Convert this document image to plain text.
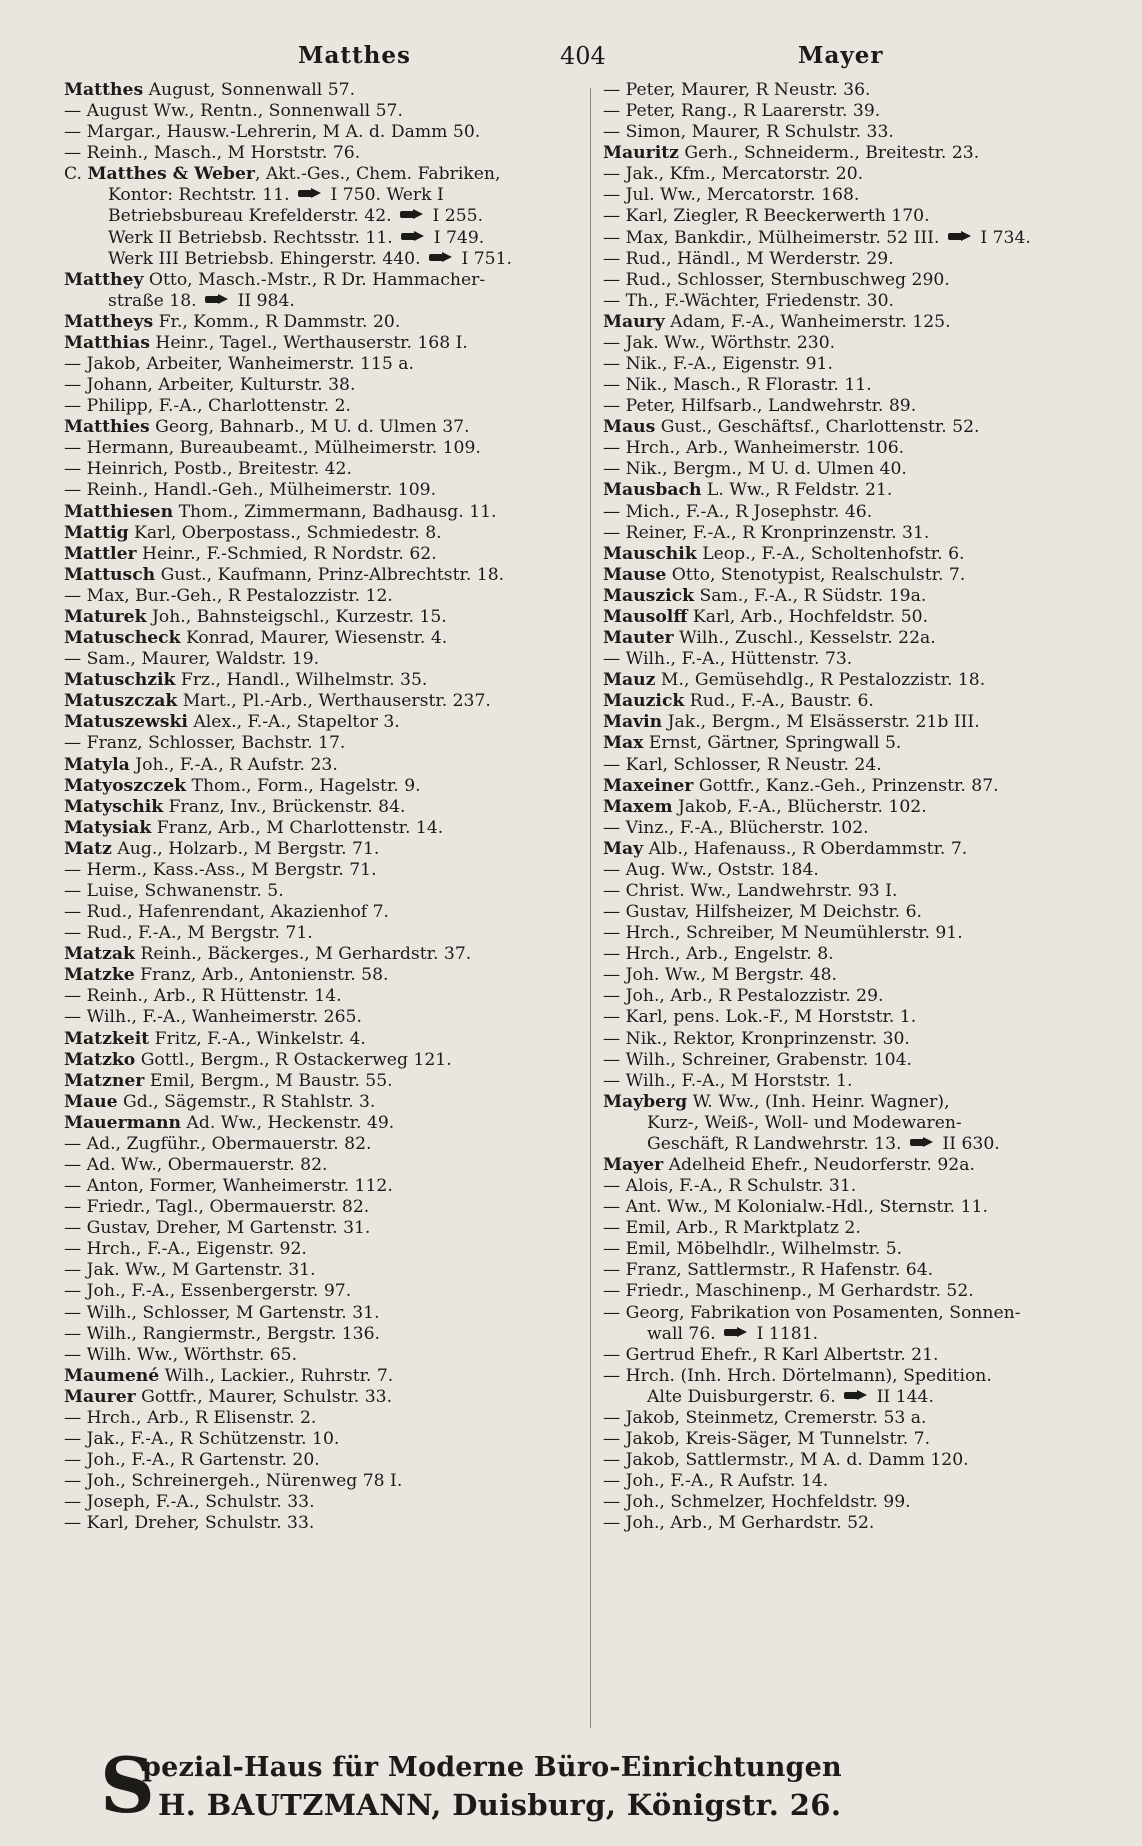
Matthes	404	Mayer
Matthes August, Sonnenwall 57.
— August Ww., Rentn., Sonnenwall 57.
— Margar., Hausw.-Lehrerin, M A. d. Damm 50.
— Reinh., Masch., M Horststr. 76.
C. Matthes & Weber, Akt.-Ges., Chem. Fabriken,
Kontor: Rechtstr. 11.  I 750. Werk I
Betriebsbureau Krefelderstr. 42.  I 255.
Werk II Betriebsb. Rechtsstr. 11.  I 749.
Werk III Betriebsb. Ehingerstr. 440.  I 751.
Matthey Otto, Masch.-Mstr., R Dr. Hammacher-
straße 18.  II 984.
Mattheys Fr., Komm., R Dammstr. 20.
Matthias Heinr., Tagel., Werthauserstr. 168 I.
— Jakob, Arbeiter, Wanheimerstr. 115 a.
— Johann, Arbeiter, Kulturstr. 38.
— Philipp, F.-A., Charlottenstr. 2.
Matthies Georg, Bahnarb., M U. d. Ulmen 37.
— Hermann, Bureaubeamt., Mülheimerstr. 109.
— Heinrich, Postb., Breitestr. 42.
— Reinh., Handl.-Geh., Mülheimerstr. 109.
Matthiesen Thom., Zimmermann, Badhausg. 11.
Mattig Karl, Oberpostass., Schmiedestr. 8.
Mattler Heinr., F.-Schmied, R Nordstr. 62.
Mattusch Gust., Kaufmann, Prinz-Albrechtstr. 18.
— Max, Bur.-Geh., R Pestalozzistr. 12.
Maturek Joh., Bahnsteigschl., Kurzestr. 15.
Matuscheck Konrad, Maurer, Wiesenstr. 4.
— Sam., Maurer, Waldstr. 19.
Matuschzik Frz., Handl., Wilhelmstr. 35.
Matuszczak Mart., Pl.-Arb., Werthauserstr. 237.
Matuszewski Alex., F.-A., Stapeltor 3.
— Franz, Schlosser, Bachstr. 17.
Matyla Joh., F.-A., R Aufstr. 23.
Matyoszczek Thom., Form., Hagelstr. 9.
Matyschik Franz, Inv., Brückenstr. 84.
Matysiak Franz, Arb., M Charlottenstr. 14.
Matz Aug., Holzarb., M Bergstr. 71.
— Herm., Kass.-Ass., M Bergstr. 71.
— Luise, Schwanenstr. 5.
— Rud., Hafenrendant, Akazienhof 7.
— Rud., F.-A., M Bergstr. 71.
Matzak Reinh., Bäckerges., M Gerhardstr. 37.
Matzke Franz, Arb., Antonienstr. 58.
— Reinh., Arb., R Hüttenstr. 14.
— Wilh., F.-A., Wanheimerstr. 265.
Matzkeit Fritz, F.-A., Winkelstr. 4.
Matzko Gottl., Bergm., R Ostackerweg 121.
Matzner Emil, Bergm., M Baustr. 55.
Maue Gd., Sägemstr., R Stahlstr. 3.
Mauermann Ad. Ww., Heckenstr. 49.
— Ad., Zugführ., Obermauerstr. 82.
— Ad. Ww., Obermauerstr. 82.
— Anton, Former, Wanheimerstr. 112.
— Friedr., Tagl., Obermauerstr. 82.
— Gustav, Dreher, M Gartenstr. 31.
— Hrch., F.-A., Eigenstr. 92.
— Jak. Ww., M Gartenstr. 31.
— Joh., F.-A., Essenbergerstr. 97.
— Wilh., Schlosser, M Gartenstr. 31.
— Wilh., Rangiermstr., Bergstr. 136.
— Wilh. Ww., Wörthstr. 65.
Maumené Wilh., Lackier., Ruhrstr. 7.
Maurer Gottfr., Maurer, Schulstr. 33.
— Hrch., Arb., R Elisenstr. 2.
— Jak., F.-A., R Schützenstr. 10.
— Joh., F.-A., R Gartenstr. 20.
— Joh., Schreinergeh., Nürenweg 78 I.
— Joseph, F.-A., Schulstr. 33.
— Karl, Dreher, Schulstr. 33.
— Peter, Maurer, R Neustr. 36.
— Peter, Rang., R Laarerstr. 39.
— Simon, Maurer, R Schulstr. 33.
Mauritz Gerh., Schneiderm., Breitestr. 23.
— Jak., Kfm., Mercatorstr. 20.
— Jul. Ww., Mercatorstr. 168.
— Karl, Ziegler, R Beeckerwerth 170.
— Max, Bankdir., Mülheimerstr. 52 III.  I 734.
— Rud., Händl., M Werderstr. 29.
— Rud., Schlosser, Sternbuschweg 290.
— Th., F.-Wächter, Friedenstr. 30.
Maury Adam, F.-A., Wanheimerstr. 125.
— Jak. Ww., Wörthstr. 230.
— Nik., F.-A., Eigenstr. 91.
— Nik., Masch., R Florastr. 11.
— Peter, Hilfsarb., Landwehrstr. 89.
Maus Gust., Geschäftsf., Charlottenstr. 52.
— Hrch., Arb., Wanheimerstr. 106.
— Nik., Bergm., M U. d. Ulmen 40.
Mausbach L. Ww., R Feldstr. 21.
— Mich., F.-A., R Josephstr. 46.
— Reiner, F.-A., R Kronprinzenstr. 31.
Mauschik Leop., F.-A., Scholtenhofstr. 6.
Mause Otto, Stenotypist, Realschulstr. 7.
Mauszick Sam., F.-A., R Südstr. 19a.
Mausolff Karl, Arb., Hochfeldstr. 50.
Mauter Wilh., Zuschl., Kesselstr. 22a.
— Wilh., F.-A., Hüttenstr. 73.
Mauz M., Gemüsehdlg., R Pestalozzistr. 18.
Mauzick Rud., F.-A., Baustr. 6.
Mavin Jak., Bergm., M Elsässerstr. 21b III.
Max Ernst, Gärtner, Springwall 5.
— Karl, Schlosser, R Neustr. 24.
Maxeiner Gottfr., Kanz.-Geh., Prinzenstr. 87.
Maxem Jakob, F.-A., Blücherstr. 102.
— Vinz., F.-A., Blücherstr. 102.
May Alb., Hafenauss., R Oberdammstr. 7.
— Aug. Ww., Oststr. 184.
— Christ. Ww., Landwehrstr. 93 I.
— Gustav, Hilfsheizer, M Deichstr. 6.
— Hrch., Schreiber, M Neumühlerstr. 91.
— Hrch., Arb., Engelstr. 8.
— Joh. Ww., M Bergstr. 48.
— Joh., Arb., R Pestalozzistr. 29.
— Karl, pens. Lok.-F., M Horststr. 1.
— Nik., Rektor, Kronprinzenstr. 30.
— Wilh., Schreiner, Grabenstr. 104.
— Wilh., F.-A., M Horststr. 1.
Mayberg W. Ww., (Inh. Heinr. Wagner),
Kurz-, Weiß-, Woll- und Modewaren-
Geschäft, R Landwehrstr. 13.  II 630.
Mayer Adelheid Ehefr., Neudorferstr. 92a.
— Alois, F.-A., R Schulstr. 31.
— Ant. Ww., M Kolonialw.-Hdl., Sternstr. 11.
— Emil, Arb., R Marktplatz 2.
— Emil, Möbelhdlr., Wilhelmstr. 5.
— Franz, Sattlermstr., R Hafenstr. 64.
— Friedr., Maschinenp., M Gerhardstr. 52.
— Georg, Fabrikation von Posamenten, Sonnen-
wall 76.  I 1181.
— Gertrud Ehefr., R Karl Albertstr. 21.
— Hrch. (Inh. Hrch. Dörtelmann), Spedition.
Alte Duisburgerstr. 6.  II 144.
— Jakob, Steinmetz, Cremerstr. 53 a.
— Jakob, Kreis-Säger, M Tunnelstr. 7.
— Jakob, Sattlermstr., M A. d. Damm 120.
— Joh., F.-A., R Aufstr. 14.
— Joh., Schmelzer, Hochfeldstr. 99.
— Joh., Arb., M Gerhardstr. 52.
S
pezial-Haus für Moderne Büro-Einrichtungen
H. BAUTZMANN, Duisburg, Königstr. 26.
